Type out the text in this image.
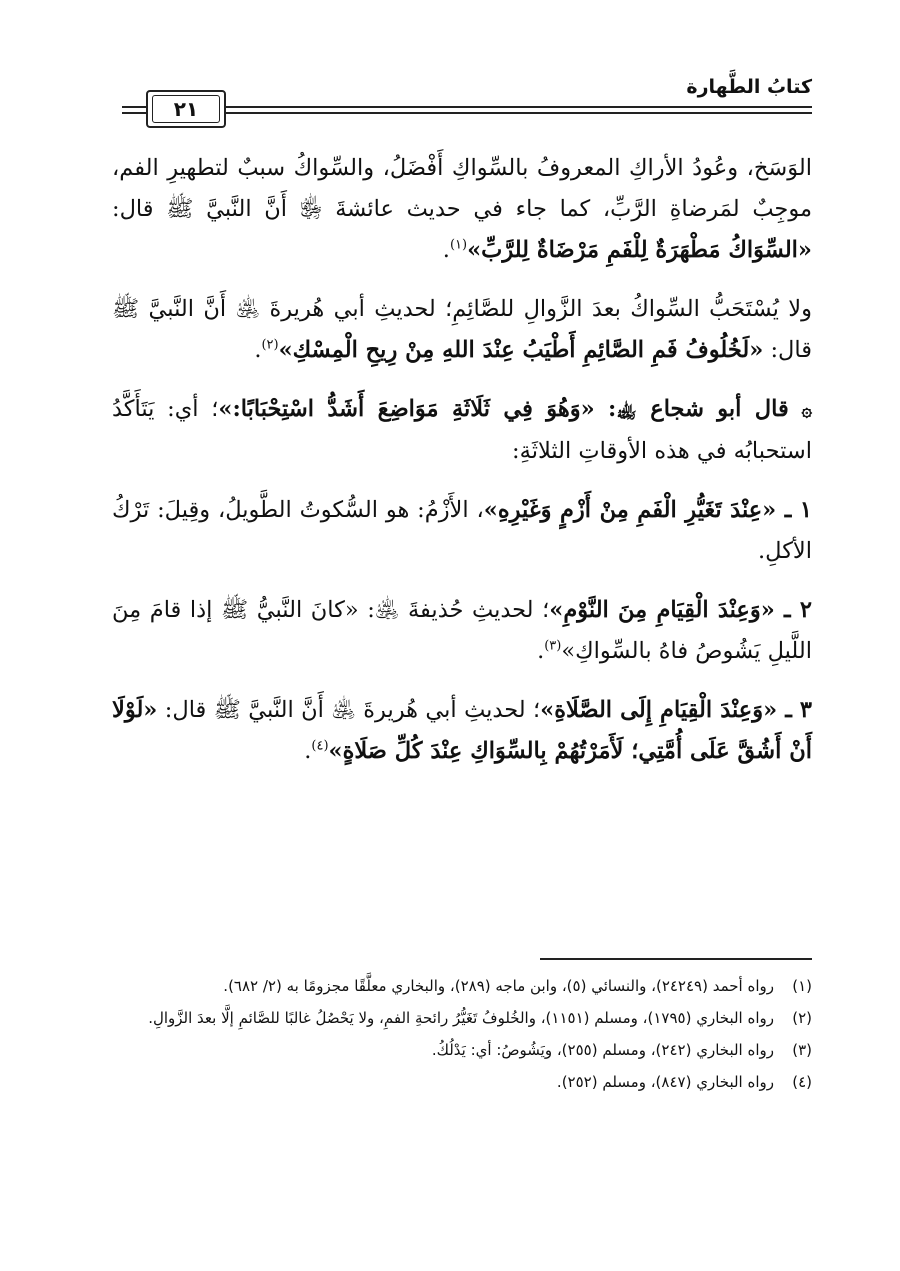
كتابُ الطَّهارة
٢١

الوَسَخ، وعُودُ الأراكِ المعروفُ بالسِّواكِ أَفْضَلُ، والسِّواكُ سببٌ لتطهيرِ الفم، موجِبٌ لمَرضاةِ الرَّبِّ، كما جاء في حديث عائشةَ ﵂ أَنَّ النَّبيَّ ﷺ قال: «السِّوَاكُ مَطْهَرَةٌ لِلْفَمِ مَرْضَاةٌ لِلرَّبِّ»$^{(١)}$.

ولا يُسْتَحَبُّ السِّواكُ بعدَ الزَّوالِ للصَّائِمِ؛ لحديثِ أبي هُريرةَ ﵁ أَنَّ النَّبيَّ ﷺ قال: «لَخُلُوفُ فَمِ الصَّائِمِ أَطْيَبُ عِنْدَ اللهِ مِنْ رِيحِ الْمِسْكِ»$^{(٢)}$.

۞ قال أبو شجاع ﵀: «وَهُوَ فِي ثَلَاثَةِ مَوَاضِعَ أَشَدُّ اسْتِحْبَابًا:»؛ أي: يَتَأَكَّدُ استحبابُه في هذه الأوقاتِ الثلاثَةِ:

١ ـ «عِنْدَ تَغَيُّرِ الْفَمِ مِنْ أَزْمٍ وَغَيْرِهِ»، الأَزْمُ: هو السُّكوتُ الطَّويلُ، وقِيلَ: تَرْكُ الأكلِ.

٢ ـ «وَعِنْدَ الْقِيَامِ مِنَ النَّوْمِ»؛ لحديثِ حُذيفةَ ﵁: «كانَ النَّبيُّ ﷺ إذا قامَ مِنَ اللَّيلِ يَشُوصُ فاهُ بالسِّواكِ»$^{(٣)}$.

٣ ـ «وَعِنْدَ الْقِيَامِ إِلَى الصَّلَاةِ»؛ لحديثِ أبي هُريرةَ ﵁ أَنَّ النَّبيَّ ﷺ قال: «لَوْلَا أَنْ أَشُقَّ عَلَى أُمَّتِي؛ لَأَمَرْتُهُمْ بِالسِّوَاكِ عِنْدَ كُلِّ صَلَاةٍ»$^{(٤)}$.

(١)
رواه أحمد (٢٤٢٤٩)، والنسائي (٥)، وابن ماجه (٢٨٩)، والبخاري معلَّقًا مجزومًا به (٢/ ٦٨٢).

(٢)
رواه البخاري (١٧٩٥)، ومسلم (١١٥١)، والخُلوفُ تَغَيُّرُ رائحةِ الفمِ، ولا يَحْصُلُ غالبًا للصَّائمِ إلَّا بعدَ الزَّوالِ.

(٣)
رواه البخاري (٢٤٢)، ومسلم (٢٥٥)، ويَشُوصُ: أي: يَدْلُكُ.

(٤)
رواه البخاري (٨٤٧)، ومسلم (٢٥٢).
